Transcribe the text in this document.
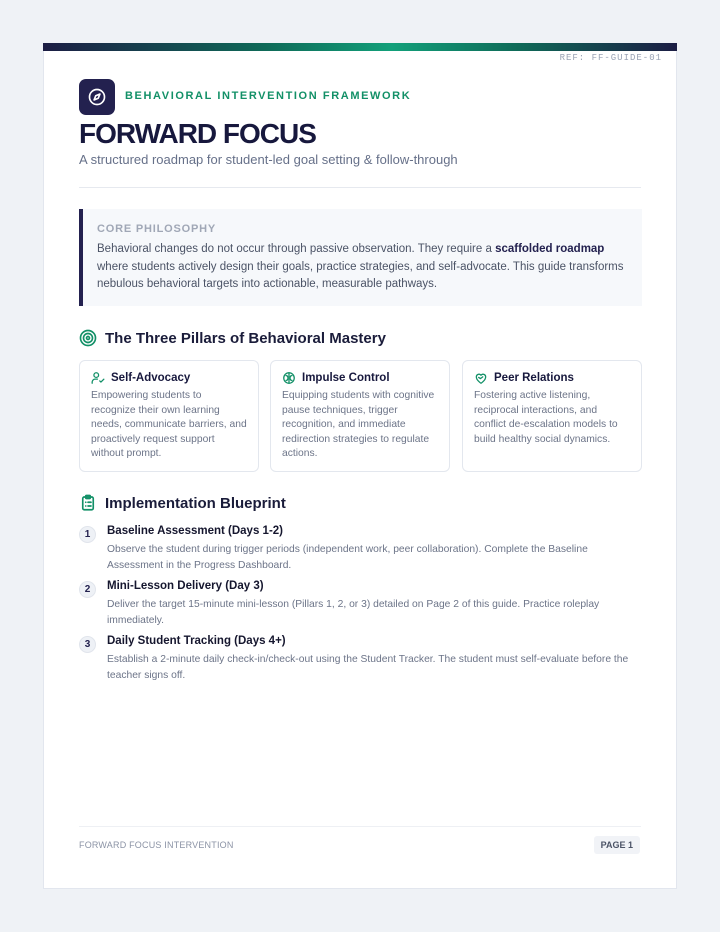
REF: FF-GUIDE-01
BEHAVIORAL INTERVENTION FRAMEWORK
FORWARD FOCUS
A structured roadmap for student-led goal setting & follow-through
CORE PHILOSOPHY
Behavioral changes do not occur through passive observation. They require a scaffolded roadmap where students actively design their goals, practice strategies, and self-advocate. This guide transforms nebulous behavioral targets into actionable, measurable pathways.
The Three Pillars of Behavioral Mastery
Self-Advocacy
Empowering students to recognize their own learning needs, communicate barriers, and proactively request support without prompt.
Impulse Control
Equipping students with cognitive pause techniques, trigger recognition, and immediate redirection strategies to regulate actions.
Peer Relations
Fostering active listening, reciprocal interactions, and conflict de-escalation models to build healthy social dynamics.
Implementation Blueprint
1	Baseline Assessment (Days 1-2)
Observe the student during trigger periods (independent work, peer collaboration). Complete the Baseline Assessment in the Progress Dashboard.
2	Mini-Lesson Delivery (Day 3)
Deliver the target 15-minute mini-lesson (Pillars 1, 2, or 3) detailed on Page 2 of this guide. Practice roleplay immediately.
3	Daily Student Tracking (Days 4+)
Establish a 2-minute daily check-in/check-out using the Student Tracker. The student must self-evaluate before the teacher signs off.
FORWARD FOCUS INTERVENTION	PAGE 1
